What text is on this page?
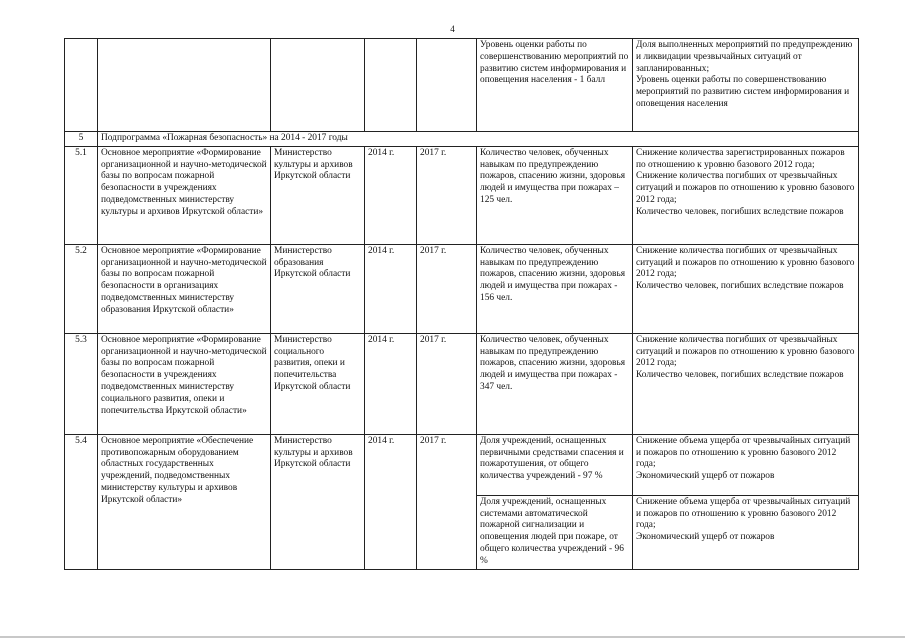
4
					Уровень оценки работы по совершенствованию мероприятий по развитию систем информирования и оповещения населения - 1 балл	Доля выполненных мероприятий по предупреждению и ликвидации чрезвычайных ситуаций от запланированных;
Уровень оценки работы по совершенствованию мероприятий по развитию систем информирования и оповещения населения
5	Подпрограмма «Пожарная безопасность» на 2014 - 2017 годы					
5.1	Основное мероприятие «Формирование организационной и научно-методической базы по вопросам пожарной безопасности в учреждениях подведомственных министерству культуры и архивов Иркутской области»	Министерство культуры и архивов Иркутской области	2014 г.	2017 г.	Количество человек, обученных навыкам по предупреждению пожаров, спасению жизни, здоровья людей и имущества при пожарах – 125 чел.	Снижение количества зарегистрированных пожаров по отношению к уровню базового 2012 года;
Снижение количества погибших от чрезвычайных ситуаций и пожаров по отношению к уровню базового 2012 года;
Количество человек, погибших вследствие пожаров
5.2	Основное мероприятие «Формирование организационной и научно-методической базы по вопросам пожарной безопасности в организациях подведомственных министерству образования Иркутской области»	Министерство образования Иркутской области	2014 г.	2017 г.	Количество человек, обученных навыкам по предупреждению пожаров, спасению жизни, здоровья людей и имущества при пожарах - 156 чел.	Снижение количества погибших от чрезвычайных ситуаций и пожаров по отношению к уровню базового 2012 года;
Количество человек, погибших вследствие пожаров
5.3	Основное мероприятие «Формирование организационной и научно-методической базы по вопросам пожарной безопасности в учреждениях подведомственных министерству социального развития, опеки и попечительства Иркутской области»	Министерство социального развития, опеки и попечительства Иркутской области	2014 г.	2017 г.	Количество человек, обученных навыкам по предупреждению пожаров, спасению жизни, здоровья людей и имущества при пожарах - 347 чел.	Снижение количества погибших от чрезвычайных ситуаций и пожаров по отношению к уровню базового 2012 года;
Количество человек, погибших вследствие пожаров
5.4	Основное мероприятие «Обеспечение противопожарным оборудованием областных государственных учреждений, подведомственных министерству культуры и архивов Иркутской области»	Министерство культуры и архивов Иркутской области	2014 г.	2017 г.	Доля учреждений, оснащенных первичными средствами спасения и пожаротушения, от общего количества учреждений - 97 %	Снижение объема ущерба от чрезвычайных ситуаций и пожаров по отношению к уровню базового 2012 года;
Экономический ущерб от пожаров
					Доля учреждений, оснащенных системами автоматической пожарной сигнализации и оповещения людей при пожаре, от общего количества учреждений - 96 %	Снижение объема ущерба от чрезвычайных ситуаций и пожаров по отношению к уровню базового 2012 года;
Экономический ущерб от пожаров
